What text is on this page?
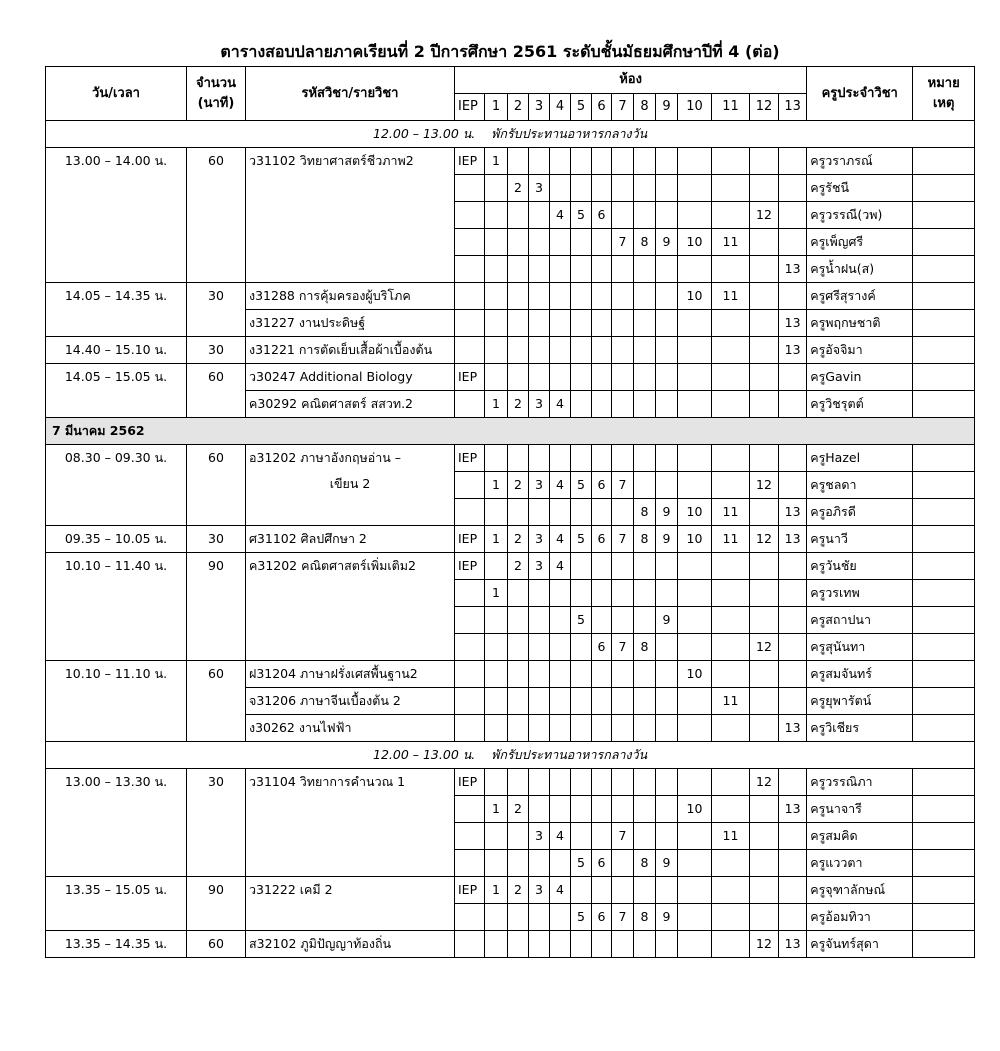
ตารางสอบปลายภาคเรียนที่ 2 ปีการศึกษา 2561 ระดับชั้นมัธยมศึกษาปีที่ 4 (ต่อ)
วัน/เวลา	จำนวน
(นาที)	รหัสวิชา/รายวิชา	ห้อง														ครูประจำวิชา	หมาย
เหตุ
			IEP	1	2	3	4	5	6	7	8	9	10	11	12	13		
12.00 – 13.00 น.    พักรับประทานอาหารกลางวัน																		
13.00 – 14.00 น.	60	ว31102 วิทยาศาสตร์ชีวภาพ2	IEP	1													ครูวราภรณ์	
					2	3											ครูรัชนี	
							4	5	6						12		ครูวรรณี(วพ)	
										7	8	9	10	11			ครูเพ็ญศรี	
																13	ครูน้ำฝน(ส)	
14.05 – 14.35 น.	30	ง31288 การคุ้มครองผู้บริโภค											10	11			ครูศรีสุรางค์	
		ง31227 งานประดิษฐ์														13	ครูพฤกษชาติ	
14.40 – 15.10 น.	30	ง31221 การตัดเย็บเสื้อผ้าเบื้องต้น														13	ครูอัจจิมา	
14.05 – 15.05 น.	60	ว30247 Additional Biology	IEP														ครูGavin	
		ค30292 คณิตศาสตร์ สสวท.2		1	2	3	4										ครูวิชรุตต์	
7 มีนาคม 2562																		
08.30 – 09.30 น.	60	อ31202 ภาษาอังกฤษอ่าน –
เขียน 2	IEP														ครูHazel	
				1	2	3	4	5	6	7					12		ครูชลดา	
											8	9	10	11		13	ครูอภิรดี	
09.35 – 10.05 น.	30	ศ31102 ศิลปศึกษา 2	IEP	1	2	3	4	5	6	7	8	9	10	11	12	13	ครูนาวี	
10.10 – 11.40 น.	90	ค31202 คณิตศาสตร์เพิ่มเติม2	IEP		2	3	4										ครูวันชัย	
				1													ครูวรเทพ	
								5				9					ครูสถาปนา	
									6	7	8				12		ครูสุนันทา	
10.10 – 11.10 น.	60	ฝ31204 ภาษาฝรั่งเศสพื้นฐาน2											10				ครูสมจันทร์	
		จ31206 ภาษาจีนเบื้องต้น 2												11			ครูยุพารัตน์	
		ง30262 งานไฟฟ้า														13	ครูวิเชียร	
12.00 – 13.00 น.    พักรับประทานอาหารกลางวัน																		
13.00 – 13.30 น.	30	ว31104 วิทยาการคำนวณ 1	IEP												12		ครูวรรณิภา	
				1	2								10			13	ครูนาจารี	
						3	4			7				11			ครูสมคิด	
								5	6		8	9					ครูแววตา	
13.35 – 15.05 น.	90	ว31222 เคมี 2	IEP	1	2	3	4										ครูจุฑาลักษณ์	
								5	6	7	8	9					ครูอ้อมทิวา	
13.35 – 14.35 น.	60	ส32102 ภูมิปัญญาท้องถิ่น													12	13	ครูจันทร์สุดา	
